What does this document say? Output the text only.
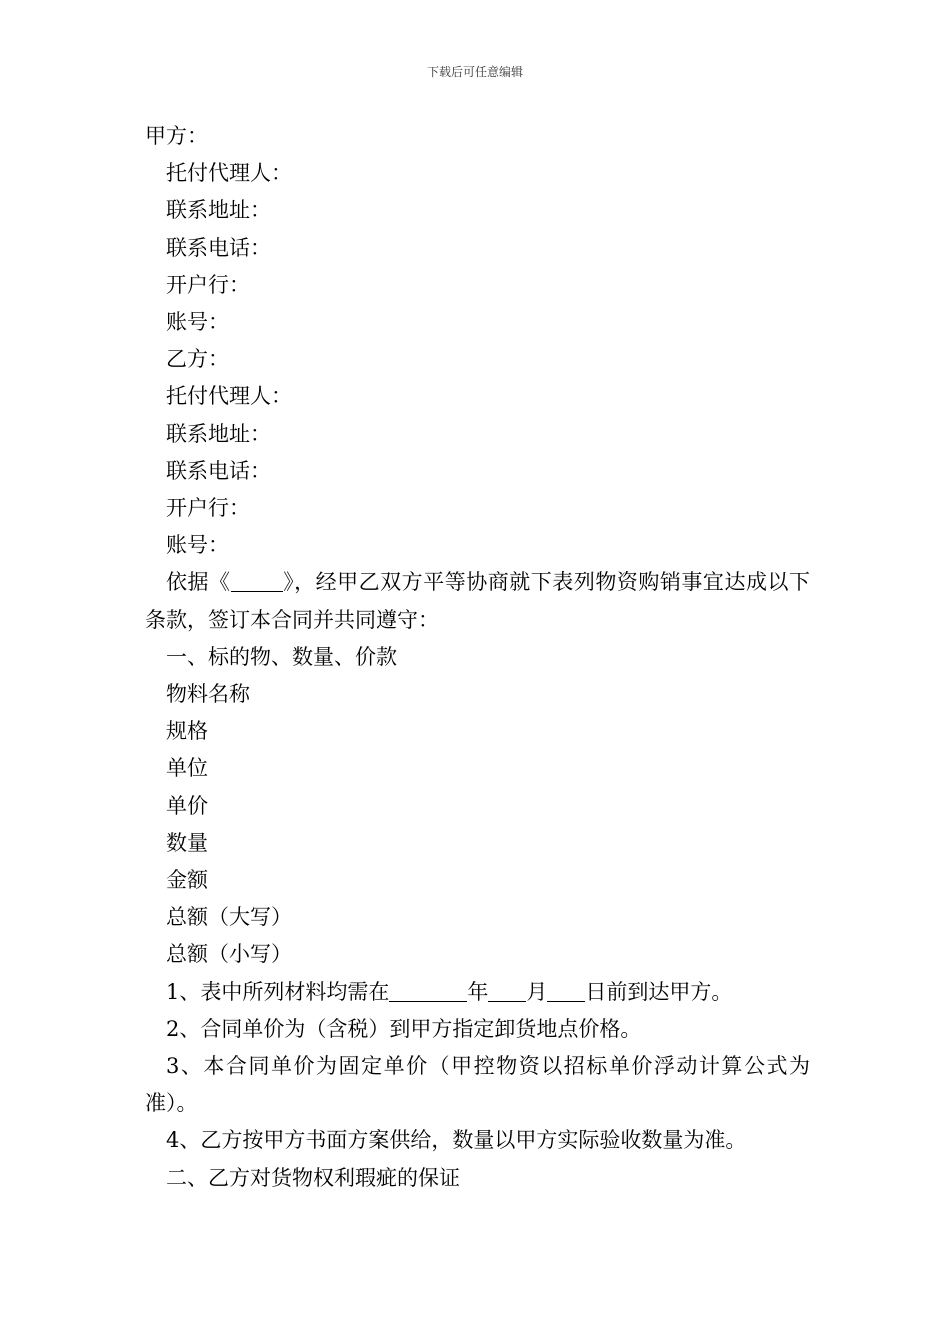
下载后可任意编辑

甲方：

托付代理人：

联系地址：

联系电话：

开户行：

账号：

乙方：

托付代理人：

联系地址：

联系电话：

开户行：

账号：

依据《 》，经甲乙双方平等协商就下表列物资购销事宜达成以下条款，签订本合同并共同遵守：

一、标的物、数量、价款

物料名称

规格

单位

单价

数量

金额

总额（大写）

总额（小写）

1、表中所列材料均需在	年 月 日前到达甲方。

2、合同单价为（含税）到甲方指定卸货地点价格。

3、本合同单价为固定单价（甲控物资以招标单价浮动计算公式为准）。

4、乙方按甲方书面方案供给，数量以甲方实际验收数量为准。

二、乙方对货物权利瑕疵的保证
